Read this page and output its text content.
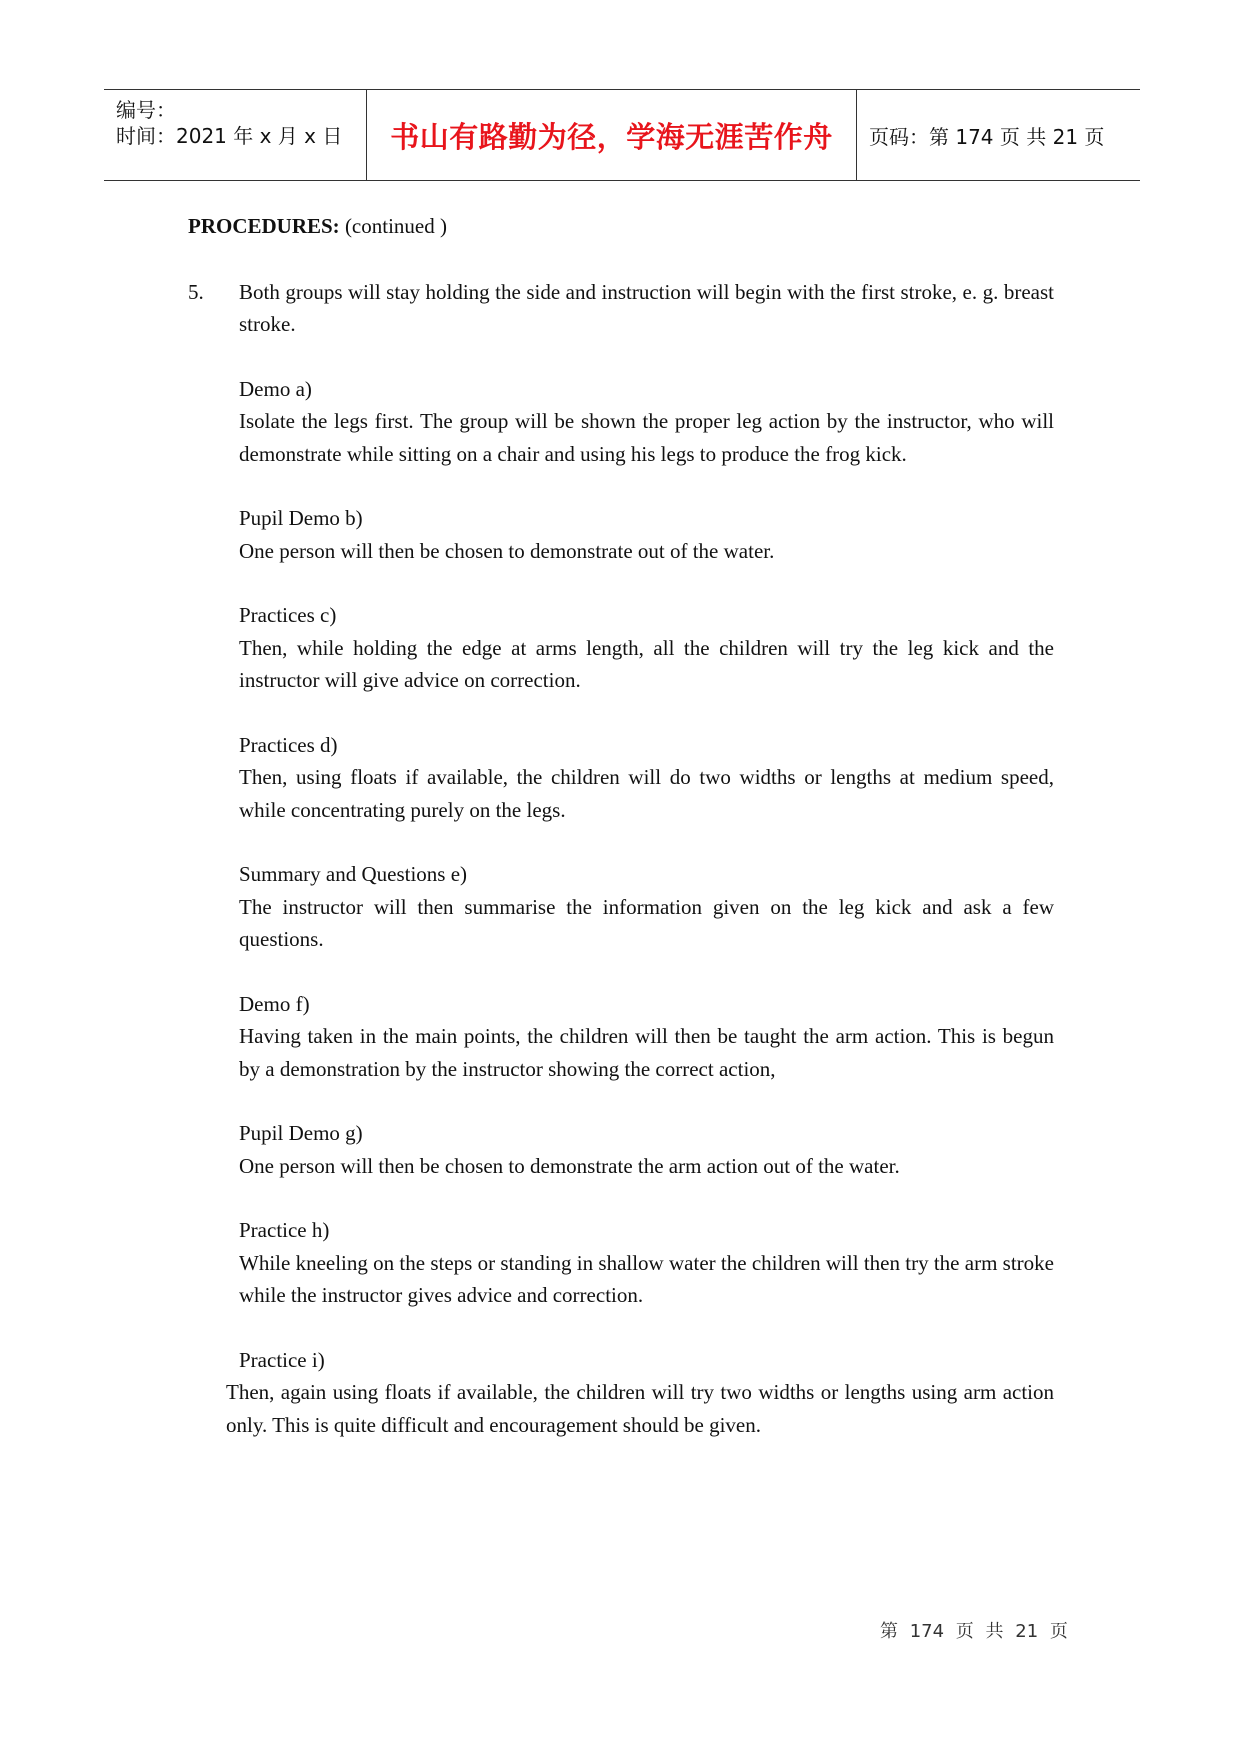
编号：
时间：2021 年 x 月 x 日 书山有路勤为径，学海无涯苦作舟	页码：第 174 页 共 21 页

PROCEDURES: (continued )

5. Both groups will stay holding the side and instruction will begin with the first stroke, e. g. breast stroke.

Demo a)

Isolate the legs first. The group will be shown the proper leg action by the instructor, who will demonstrate while sitting on a chair and using his legs to produce the frog kick.

Pupil Demo b)

One person will then be chosen to demonstrate out of the water.

Practices c)

Then, while holding the edge at arms length, all the children will try the leg kick and the instructor will give advice on correction.

Practices d)

Then, using floats if available, the children will do two widths or lengths at medium speed, while concentrating purely on the legs.

Summary and Questions e)

The instructor will then summarise the information given on the leg kick and ask a few questions.

Demo f)

Having taken in the main points, the children will then be taught the arm action. This is begun by a demonstration by the instructor showing the correct action,

Pupil Demo g)

One person will then be chosen to demonstrate the arm action out of the water.

Practice h)

While kneeling on the steps or standing in shallow water the children will then try the arm stroke while the instructor gives advice and correction.

Practice i)

Then, again using floats if available, the children will try two widths or lengths using arm action only. This is quite difficult and encouragement should be given.

第 174 页 共 21 页
